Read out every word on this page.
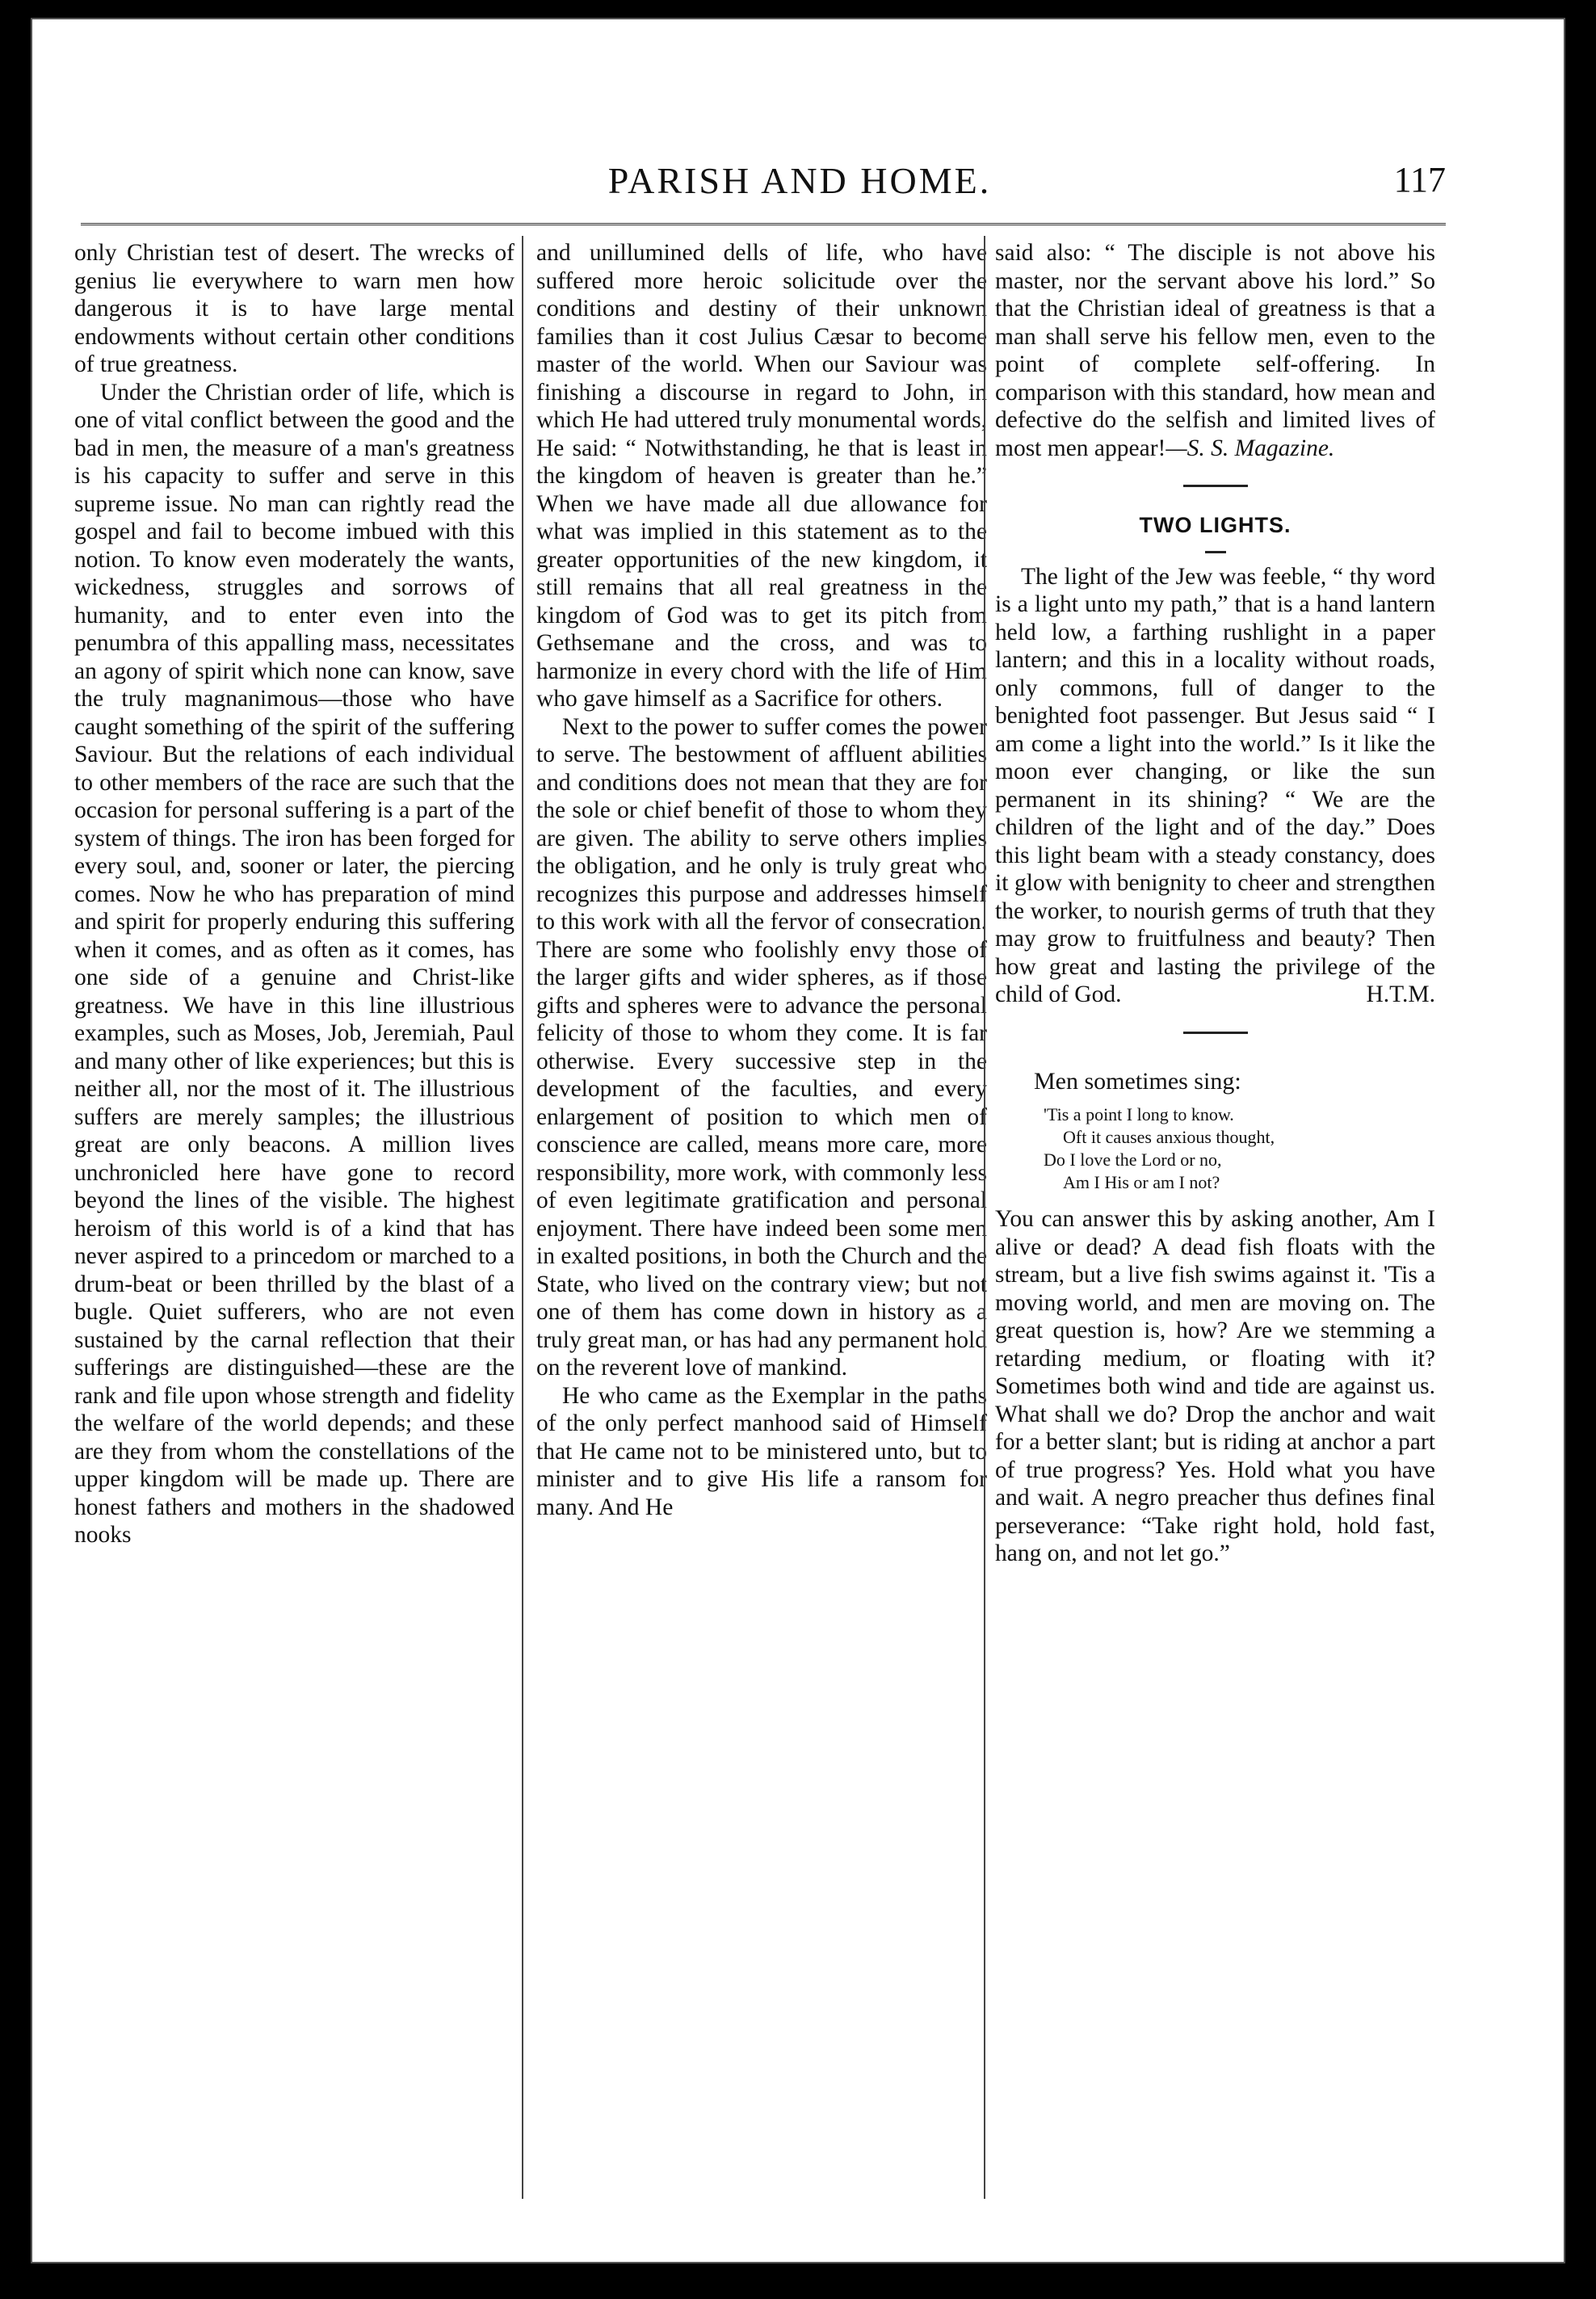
PARISH AND HOME.	117

only Christian test of desert. The wrecks of genius lie everywhere to warn men how dangerous it is to have large mental endowments without certain other conditions of true greatness.

Under the Christian order of life, which is one of vital conflict between the good and the bad in men, the measure of a man's greatness is his capacity to suffer and serve in this supreme issue. No man can rightly read the gospel and fail to become imbued with this notion. To know even moderately the wants, wickedness, struggles and sorrows of humanity, and to enter even into the penumbra of this appalling mass, necessitates an agony of spirit which none can know, save the truly magnanimous—those who have caught something of the spirit of the suffering Saviour. But the relations of each individual to other members of the race are such that the occasion for personal suffering is a part of the system of things. The iron has been forged for every soul, and, sooner or later, the piercing comes. Now he who has preparation of mind and spirit for properly enduring this suffering when it comes, and as often as it comes, has one side of a genuine and Christ-like greatness. We have in this line illustrious examples, such as Moses, Job, Jeremiah, Paul and many other of like experiences; but this is neither all, nor the most of it. The illustrious suffers are merely samples; the illustrious great are only beacons. A million lives unchronicled here have gone to record beyond the lines of the visible. The highest heroism of this world is of a kind that has never aspired to a princedom or marched to a drum-beat or been thrilled by the blast of a bugle. Quiet sufferers, who are not even sustained by the carnal reflection that their sufferings are distinguished—these are the rank and file upon whose strength and fidelity the welfare of the world depends; and these are they from whom the constellations of the upper kingdom will be made up. There are honest fathers and mothers in the shadowed nooks

and unillumined dells of life, who have suffered more heroic solicitude over the conditions and destiny of their unknown families than it cost Julius Cæsar to become master of the world. When our Saviour was finishing a discourse in regard to John, in which He had uttered truly monumental words, He said: “ Notwithstanding, he that is least in the kingdom of heaven is greater than he.” When we have made all due allowance for what was implied in this statement as to the greater opportunities of the new kingdom, it still remains that all real greatness in the kingdom of God was to get its pitch from Gethsemane and the cross, and was to harmonize in every chord with the life of Him who gave himself as a Sacrifice for others.

Next to the power to suffer comes the power to serve. The bestowment of affluent abilities and conditions does not mean that they are for the sole or chief benefit of those to whom they are given. The ability to serve others implies the obligation, and he only is truly great who recognizes this purpose and addresses himself to this work with all the fervor of consecration. There are some who foolishly envy those of the larger gifts and wider spheres, as if those gifts and spheres were to advance the personal felicity of those to whom they come. It is far otherwise. Every successive step in the development of the faculties, and every enlargement of position to which men of conscience are called, means more care, more responsibility, more work, with commonly less of even legitimate gratification and personal enjoyment. There have indeed been some men in exalted positions, in both the Church and the State, who lived on the contrary view; but not one of them has come down in history as a truly great man, or has had any permanent hold on the reverent love of mankind.

He who came as the Exemplar in the paths of the only perfect manhood said of Himself that He came not to be ministered unto, but to minister and to give His life a ransom for many. And He

said also: “ The disciple is not above his master, nor the servant above his lord.” So that the Christian ideal of greatness is that a man shall serve his fellow men, even to the point of complete self-offering. In comparison with this standard, how mean and defective do the selfish and limited lives of most men appear!—S. S. Magazine.

TWO LIGHTS.

The light of the Jew was feeble, “ thy word is a light unto my path,” that is a hand lantern held low, a farthing rushlight in a paper lantern; and this in a locality without roads, only commons, full of danger to the benighted foot passenger. But Jesus said “ I am come a light into the world.” Is it like the moon ever changing, or like the sun permanent in its shining? “ We are the children of the light and of the day.” Does this light beam with a steady constancy, does it glow with benignity to cheer and strengthen the worker, to nourish germs of truth that they may grow to fruitfulness and beauty? Then how great and lasting the privilege of the child of God.	H.T.M.

Men sometimes sing:

'Tis a point I long to know.
Oft it causes anxious thought,
Do I love the Lord or no,
Am I His or am I not?

You can answer this by asking another, Am I alive or dead? A dead fish floats with the stream, but a live fish swims against it. 'Tis a moving world, and men are moving on. The great question is, how? Are we stemming a retarding medium, or floating with it? Sometimes both wind and tide are against us. What shall we do? Drop the anchor and wait for a better slant; but is riding at anchor a part of true progress? Yes. Hold what you have and wait. A negro preacher thus defines final perseverance: “Take right hold, hold fast, hang on, and not let go.”
